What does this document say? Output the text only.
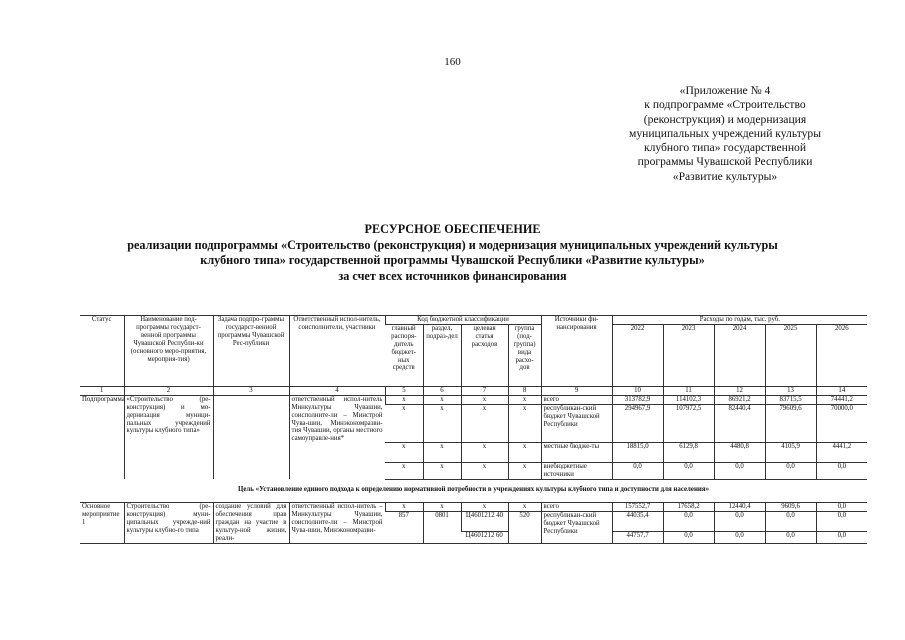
160
«Приложение № 4
к подпрограмме «Строительство
(реконструкция) и модернизация
муниципальных учреждений культуры
клубного типа» государственной
программы Чувашской Республики
«Развитие культуры»
РЕСУРСНОЕ ОБЕСПЕЧЕНИЕ
реализации подпрограммы «Строительство (реконструкция) и модернизация муниципальных учреждений культуры
клубного типа» государственной программы Чувашской Республики «Развитие культуры»
за счет всех источников финансирования
Статус	Наименование под-программы государст-венной программы Чувашской Республи-ки (основного меро-приятия, мероприя-тия)	Задача подпро-граммы государст-венной программы Чувашской Рес-публики	Ответственный испол-нитель, соисполнители, участники	Код бюджетной классификации				Источники фи-нансирования	Расходы по годам, тыс. руб.				
				главный распоря-дитель бюджет-ных средств	раздел, подраз-дел	целевая статья расходов	группа (под-группа) вида расхо-дов		2022	2023	2024	2025	2026
1	2	3	4	5	6	7	8	9	10	11	12	13	14
Подпрограмма	«Строительство (ре-конструкция) и мо-дернизация муници-пальных учреждений культуры клубного типа»		ответственный испол-нитель Минкультуры Чувашии, соисполните-ли – Минстрой Чува-шии, Минэкономразви-тия Чувашии, органы местного самоуправле-ния*	x	x	x	x	всего	313782,9	114102,3	86921,2	83715,5	74441,2
				x	x	x	x	республикан-ский бюджет Чувашской Республики	294967,9	107972,5	82440,4	79609,6	70000,0
				x	x	x	x	местные бюдже-ты	18815,0	6129,8	4480,8	4105,9	4441,2
				x	x	x	x	внебюджетные источники	0,0	0,0	0,0	0,0	0,0
Цель «Установление единого подхода к определению нормативной потребности в учреждениях культуры клубного типа и доступности для населения»													
Основное мероприятие 1	Строительство (ре-конструкция) муни-ципальных учрежде-ний культуры клубно-го типа	создание условий для обеспечения прав граждан на участие в культур-ной жизни, реали-	ответственный испол-нитель – Минкультуры Чувашии, соисполните-ли – Минстрой Чува-шии, Минэкономразви-	x	x	x	x	всего	157552,7	17658,2	12440,4	9609,6	0,0
				857	0801	Ц4601212 40	520	республикан-ский бюджет Чувашской Республики	44035,4	0,0	0,0	0,0	0,0
						Ц4601212 60			44757,7	0,0	0,0	0,0	0,0
